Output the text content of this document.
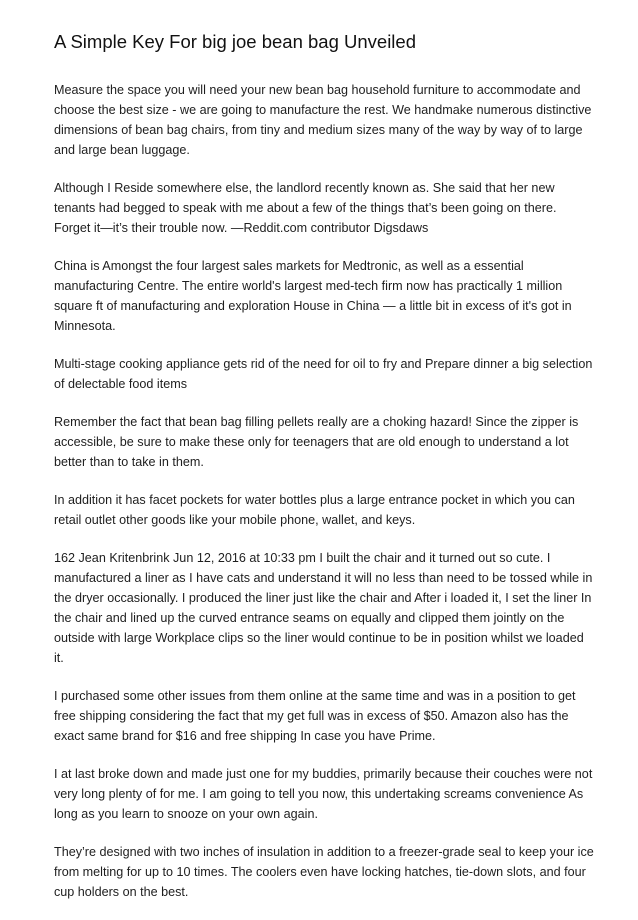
A Simple Key For big joe bean bag Unveiled

Measure the space you will need your new bean bag household furniture to accommodate and choose the best size - we are going to manufacture the rest. We handmake numerous distinctive dimensions of bean bag chairs, from tiny and medium sizes many of the way by way of to large and large bean luggage.

Although I Reside somewhere else, the landlord recently known as. She said that her new tenants had begged to speak with me about a few of the things that’s been going on there. Forget it—it’s their trouble now. —Reddit.com contributor Digsdaws

China is Amongst the four largest sales markets for Medtronic, as well as a essential manufacturing Centre. The entire world's largest med-tech firm now has practically 1 million square ft of manufacturing and exploration House in China — a little bit in excess of it's got in Minnesota.

Multi-stage cooking appliance gets rid of the need for oil to fry and Prepare dinner a big selection of delectable food items

Remember the fact that bean bag filling pellets really are a choking hazard! Since the zipper is accessible, be sure to make these only for teenagers that are old enough to understand a lot better than to take in them.

In addition it has facet pockets for water bottles plus a large entrance pocket in which you can retail outlet other goods like your mobile phone, wallet, and keys.

162 Jean Kritenbrink Jun 12, 2016 at 10:33 pm I built the chair and it turned out so cute. I manufactured a liner as I have cats and understand it will no less than need to be tossed while in the dryer occasionally. I produced the liner just like the chair and After i loaded it, I set the liner In the chair and lined up the curved entrance seams on equally and clipped them jointly on the outside with large Workplace clips so the liner would continue to be in position whilst we loaded it.

I purchased some other issues from them online at the same time and was in a position to get free shipping considering the fact that my get full was in excess of $50. Amazon also has the exact same brand for $16 and free shipping In case you have Prime.

I at last broke down and made just one for my buddies, primarily because their couches were not very long plenty of for me. I am going to tell you now, this undertaking screams convenience As long as you learn to snooze on your own again.

They’re designed with two inches of insulation in addition to a freezer-grade seal to keep your ice from melting for up to 10 times. The coolers even have locking hatches, tie-down slots, and four cup holders on the best.
